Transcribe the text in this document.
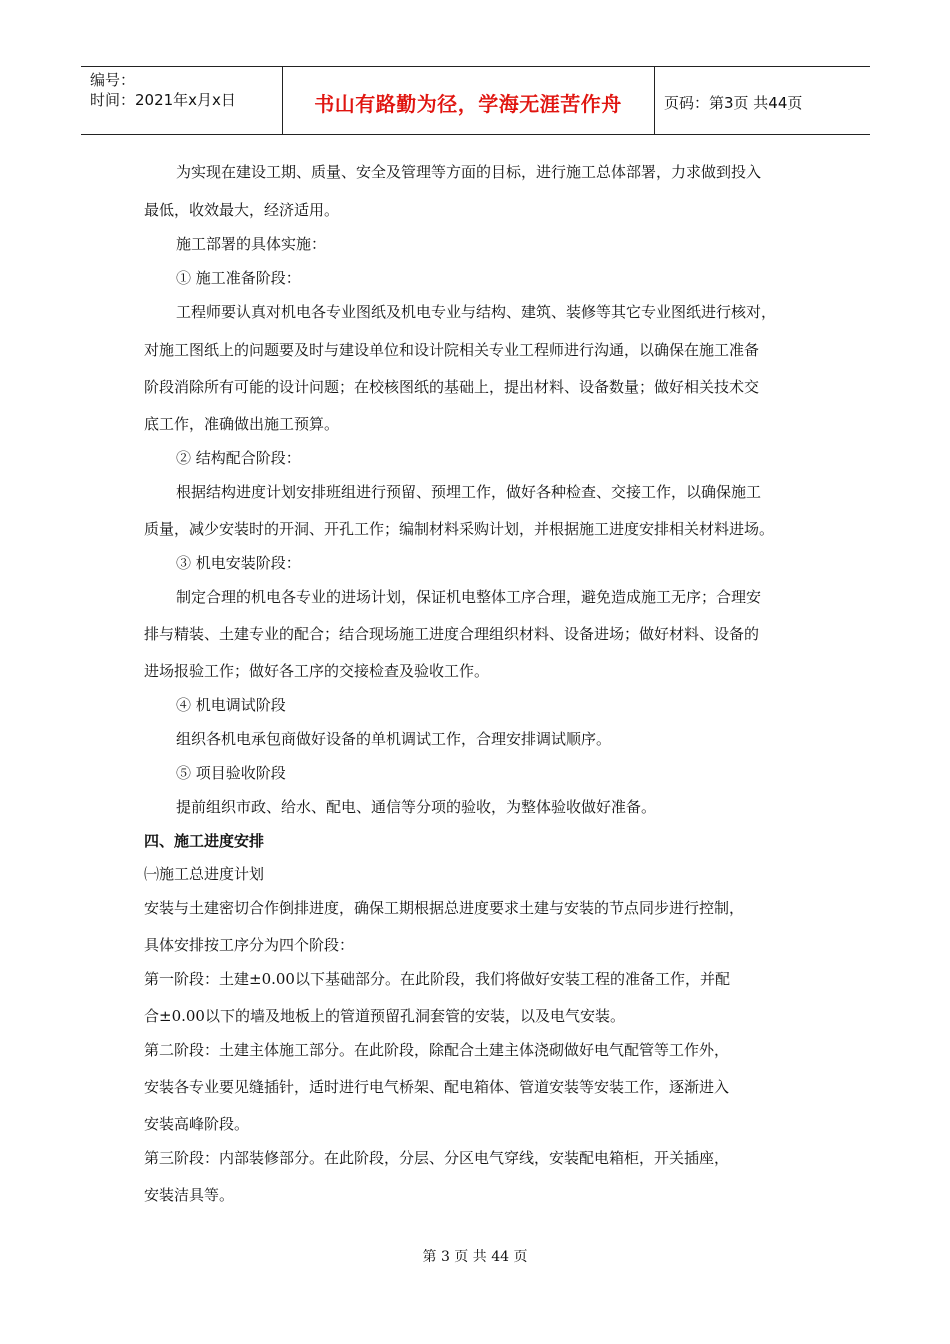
编号：
时间：2021年x月x日	书山有路勤为径，学海无涯苦作舟	页码：第3页 共44页
为实现在建设工期、质量、安全及管理等方面的目标，进行施工总体部署，力求做到投入
最低，收效最大，经济适用。
施工部署的具体实施：
① 施工准备阶段：
工程师要认真对机电各专业图纸及机电专业与结构、建筑、装修等其它专业图纸进行核对，
对施工图纸上的问题要及时与建设单位和设计院相关专业工程师进行沟通，以确保在施工准备
阶段消除所有可能的设计问题；在校核图纸的基础上，提出材料、设备数量；做好相关技术交
底工作，准确做出施工预算。
② 结构配合阶段：
根据结构进度计划安排班组进行预留、预埋工作，做好各种检查、交接工作，以确保施工
质量，减少安装时的开洞、开孔工作；编制材料采购计划，并根据施工进度安排相关材料进场。
③ 机电安装阶段：
制定合理的机电各专业的进场计划，保证机电整体工序合理，避免造成施工无序；合理安
排与精装、土建专业的配合；结合现场施工进度合理组织材料、设备进场；做好材料、设备的
进场报验工作；做好各工序的交接检查及验收工作。
④ 机电调试阶段
组织各机电承包商做好设备的单机调试工作，合理安排调试顺序。
⑤ 项目验收阶段
提前组织市政、给水、配电、通信等分项的验收，为整体验收做好准备。
四、施工进度安排
㈠施工总进度计划
安装与土建密切合作倒排进度，确保工期根据总进度要求土建与安装的节点同步进行控制，
具体安排按工序分为四个阶段：
第一阶段：土建±0.00以下基础部分。在此阶段，我们将做好安装工程的准备工作，并配
合±0.00以下的墙及地板上的管道预留孔洞套管的安装，以及电气安装。
第二阶段：土建主体施工部分。在此阶段，除配合土建主体浇砌做好电气配管等工作外，
安装各专业要见缝插针，适时进行电气桥架、配电箱体、管道安装等安装工作，逐渐进入
安装高峰阶段。
第三阶段：内部装修部分。在此阶段，分层、分区电气穿线，安装配电箱柜，开关插座，
安装洁具等。
第 3 页 共 44 页
